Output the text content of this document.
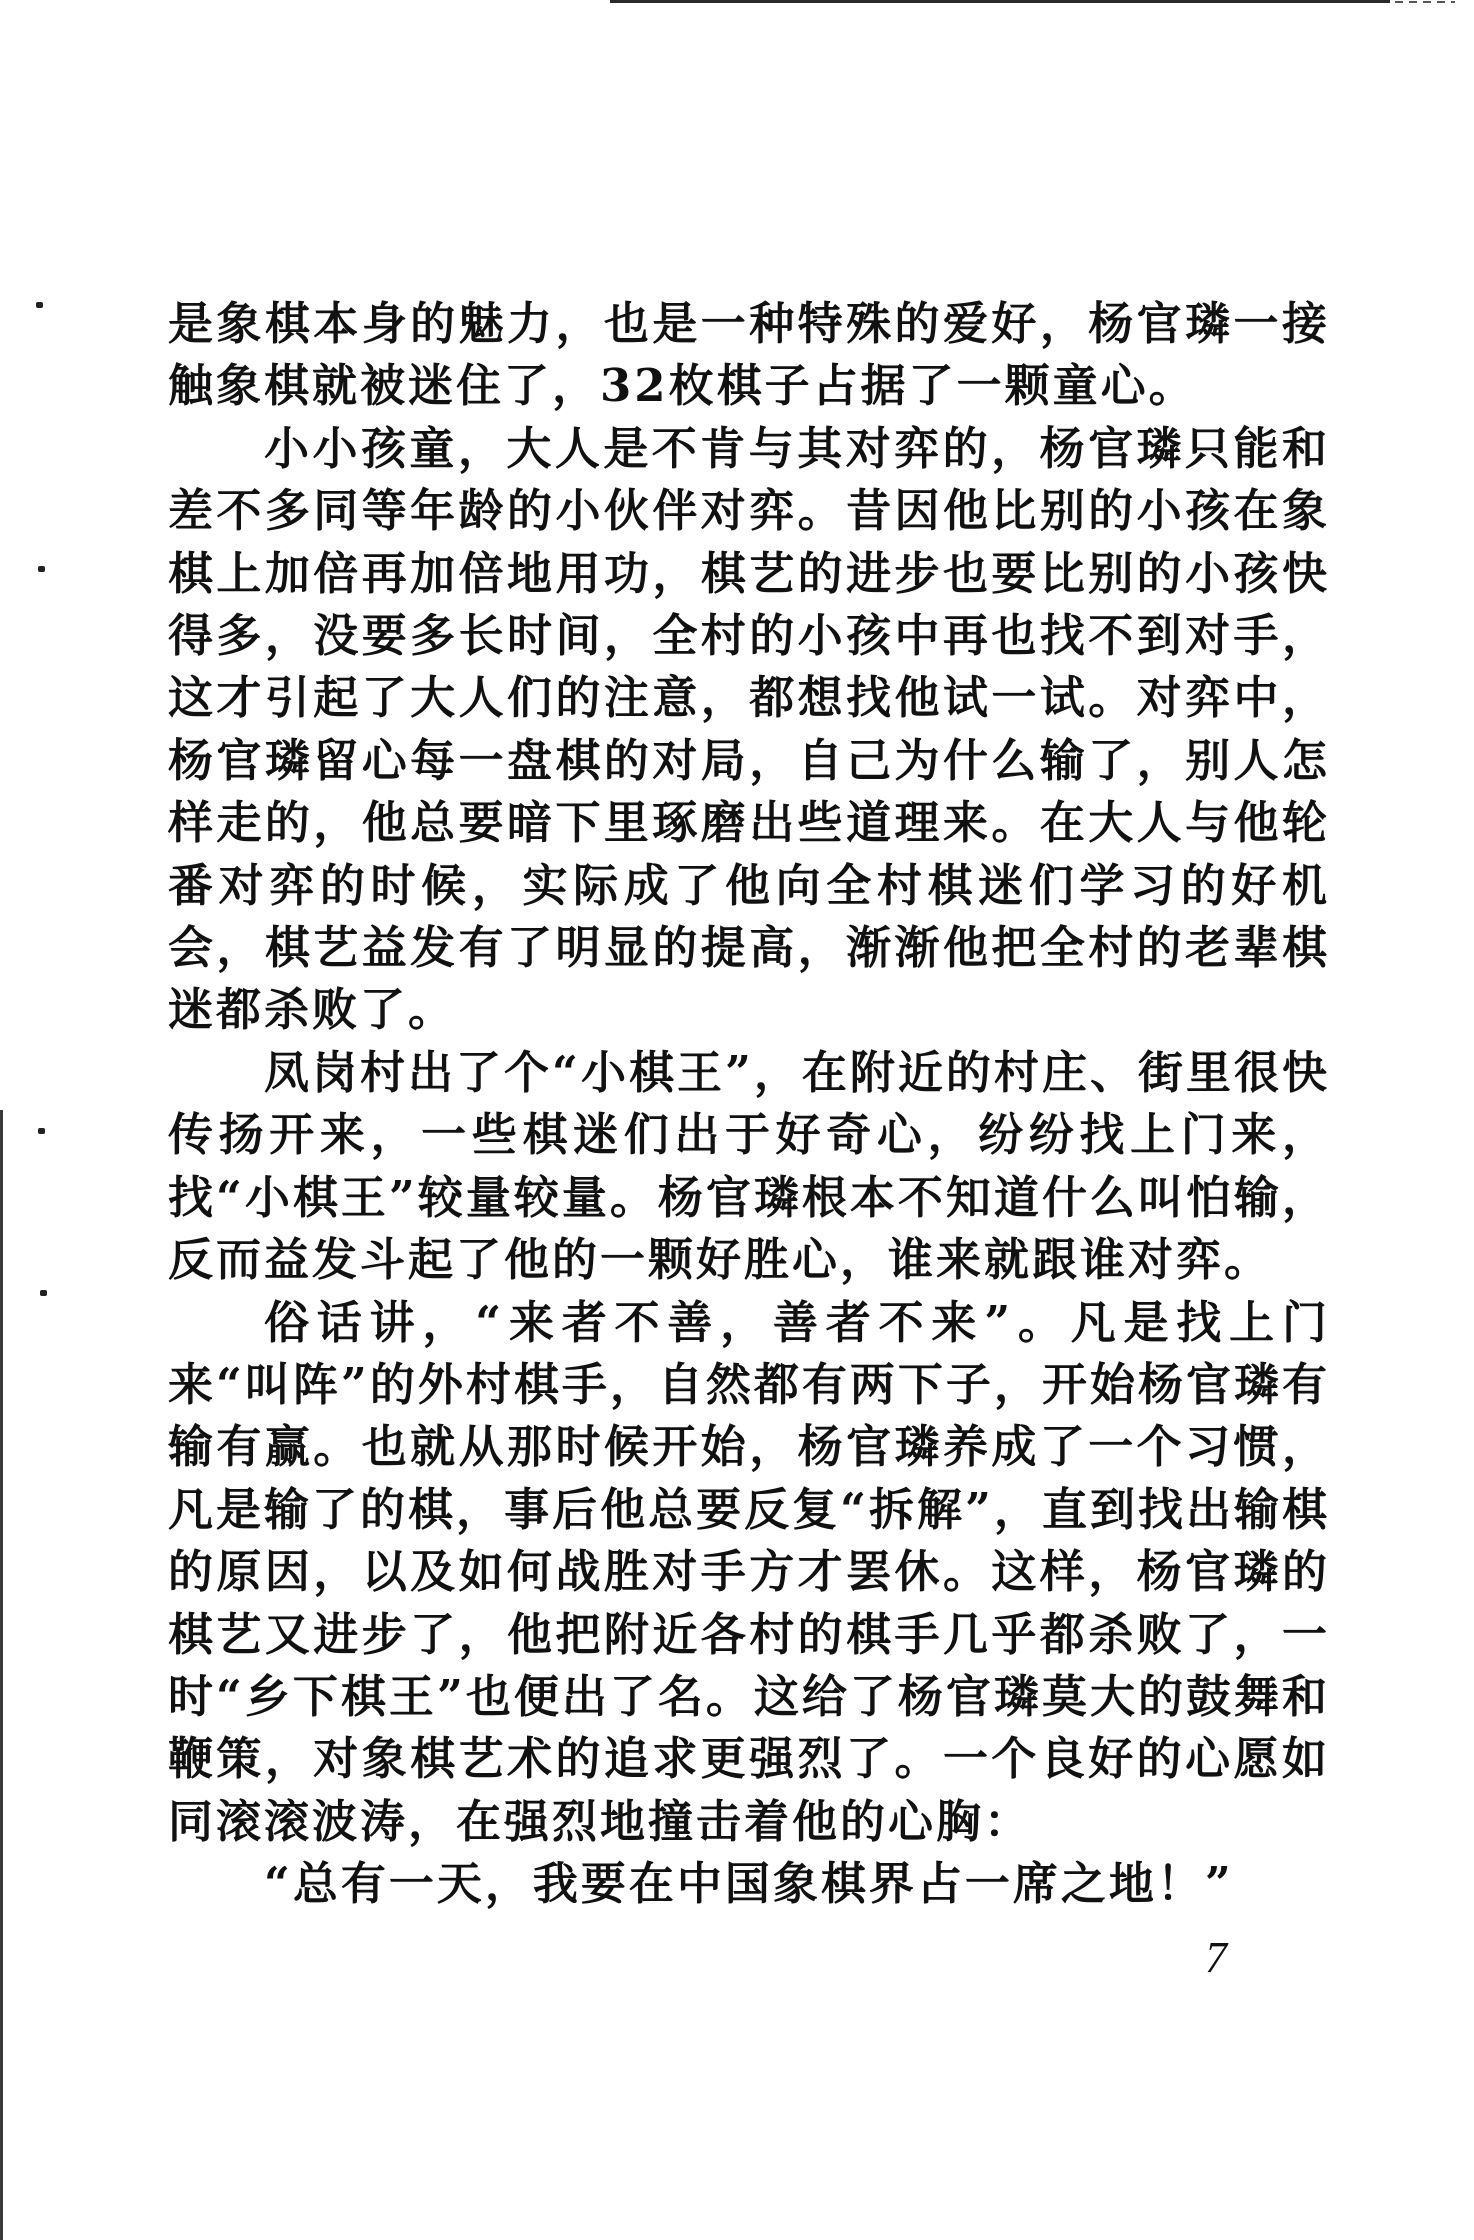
是象棋本身的魅力，也是一种特殊的爱好，杨官璘一接触象棋就被迷住了，32枚棋子占据了一颗童心。

小小孩童，大人是不肯与其对弈的，杨官璘只能和差不多同等年龄的小伙伴对弈。昔因他比别的小孩在象棋上加倍再加倍地用功，棋艺的进步也要比别的小孩快得多，没要多长时间，全村的小孩中再也找不到对手，这才引起了大人们的注意，都想找他试一试。对弈中，杨官璘留心每一盘棋的对局，自己为什么输了，别人怎样走的，他总要暗下里琢磨出些道理来。在大人与他轮番对弈的时候，实际成了他向全村棋迷们学习的好机会，棋艺益发有了明显的提高，渐渐他把全村的老辈棋迷都杀败了。

凤岗村出了个“小棋王”，在附近的村庄、街里很快传扬开来，一些棋迷们出于好奇心，纷纷找上门来，找“小棋王”较量较量。杨官璘根本不知道什么叫怕输，反而益发斗起了他的一颗好胜心，谁来就跟谁对弈。

俗话讲，“来者不善，善者不来”。凡是找上门来“叫阵”的外村棋手，自然都有两下子，开始杨官璘有输有赢。也就从那时候开始，杨官璘养成了一个习惯，凡是输了的棋，事后他总要反复“拆解”，直到找出输棋的原因，以及如何战胜对手方才罢休。这样，杨官璘的棋艺又进步了，他把附近各村的棋手几乎都杀败了，一时“乡下棋王”也便出了名。这给了杨官璘莫大的鼓舞和鞭策，对象棋艺术的追求更强烈了。一个良好的心愿如同滚滚波涛，在强烈地撞击着他的心胸：

“总有一天，我要在中国象棋界占一席之地！”

7
